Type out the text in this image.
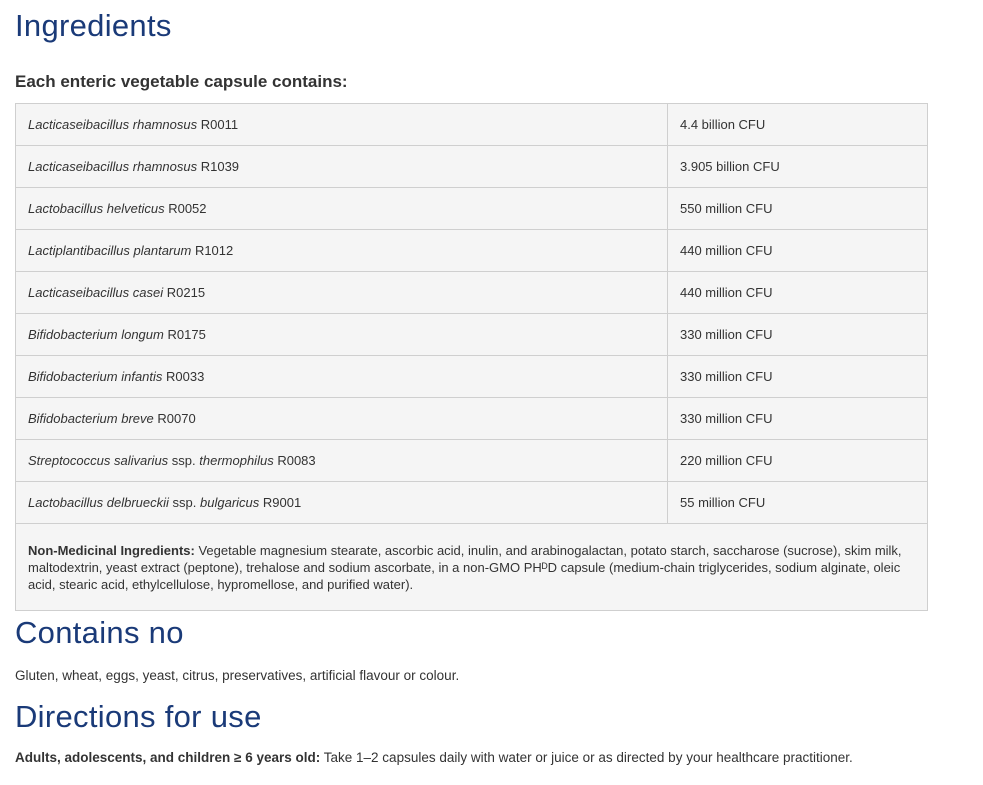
Ingredients
Each enteric vegetable capsule contains:
Lacticaseibacillus rhamnosus R0011	4.4 billion CFU
Lacticaseibacillus rhamnosus R1039	3.905 billion CFU
Lactobacillus helveticus R0052	550 million CFU
Lactiplantibacillus plantarum R1012	440 million CFU
Lacticaseibacillus casei R0215	440 million CFU
Bifidobacterium longum R0175	330 million CFU
Bifidobacterium infantis R0033	330 million CFU
Bifidobacterium breve R0070	330 million CFU
Streptococcus salivarius ssp. thermophilus R0083	220 million CFU
Lactobacillus delbrueckii ssp. bulgaricus R9001	55 million CFU
Non-Medicinal Ingredients: Vegetable magnesium stearate, ascorbic acid, inulin, and arabinogalactan, potato starch, saccharose (sucrose), skim milk, maltodextrin, yeast extract (peptone), trehalose and sodium ascorbate, in a non-GMO PHᴰD capsule (medium-chain triglycerides, sodium alginate, oleic acid, stearic acid, ethylcellulose, hypromellose, and purified water).	
Contains no
Gluten, wheat, eggs, yeast, citrus, preservatives, artificial flavour or colour.
Directions for use
Adults, adolescents, and children ≥ 6 years old: Take 1–2 capsules daily with water or juice or as directed by your healthcare practitioner.
